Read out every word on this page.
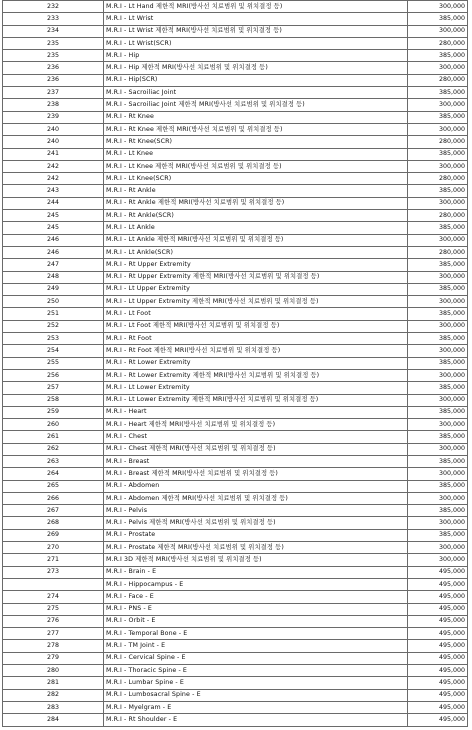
232	M.R.I - Lt Hand 제한적 MRI(방사선 치료범위 및 위치결정 등)	300,000
233	M.R.I - Lt Wrist	385,000
234	M.R.I - Lt Wrist 제한적 MRI(방사선 치료범위 및 위치결정 등)	300,000
235	M.R.I - Lt Wrist(SCR)	280,000
235	M.R.I - Hip	385,000
236	M.R.I - Hip 제한적 MRI(방사선 치료범위 및 위치결정 등)	300,000
236	M.R.I - Hip(SCR)	280,000
237	M.R.I - Sacroiliac Joint	385,000
238	M.R.I - Sacroiliac Joint 제한적 MRI(방사선 치료범위 및 위치결정 등)	300,000
239	M.R.I - Rt Knee	385,000
240	M.R.I - Rt Knee 제한적 MRI(방사선 치료범위 및 위치결정 등)	300,000
240	M.R.I - Rt Knee(SCR)	280,000
241	M.R.I - Lt Knee	385,000
242	M.R.I - Lt Knee 제한적 MRI(방사선 치료범위 및 위치결정 등)	300,000
242	M.R.I - Lt Knee(SCR)	280,000
243	M.R.I - Rt Ankle	385,000
244	M.R.I - Rt Ankle 제한적 MRI(방사선 치료범위 및 위치결정 등)	300,000
245	M.R.I - Rt Ankle(SCR)	280,000
245	M.R.I - Lt Ankle	385,000
246	M.R.I - Lt Ankle 제한적 MRI(방사선 치료범위 및 위치결정 등)	300,000
246	M.R.I - Lt Ankle(SCR)	280,000
247	M.R.I - Rt Upper Extremity	385,000
248	M.R.I - Rt Upper Extremity 제한적 MRI(방사선 치료범위 및 위치결정 등)	300,000
249	M.R.I - Lt Upper Extremity	385,000
250	M.R.I - Lt Upper Extremity 제한적 MRI(방사선 치료범위 및 위치결정 등)	300,000
251	M.R.I - Lt Foot	385,000
252	M.R.I - Lt Foot 제한적 MRI(방사선 치료범위 및 위치결정 등)	300,000
253	M.R.I - Rt Foot	385,000
254	M.R.I - Rt Foot 제한적 MRI(방사선 치료범위 및 위치결정 등)	300,000
255	M.R.I - Rt Lower Extremity	385,000
256	M.R.I - Rt Lower Extremity 제한적 MRI(방사선 치료범위 및 위치결정 등)	300,000
257	M.R.I - Lt Lower Extremity	385,000
258	M.R.I - Lt Lower Extremity 제한적 MRI(방사선 치료범위 및 위치결정 등)	300,000
259	M.R.I - Heart	385,000
260	M.R.I - Heart 제한적 MRI(방사선 치료범위 및 위치결정 등)	300,000
261	M.R.I - Chest	385,000
262	M.R.I - Chest 제한적 MRI(방사선 치료범위 및 위치결정 등)	300,000
263	M.R.I - Breast	385,000
264	M.R.I - Breast 제한적 MRI(방사선 치료범위 및 위치결정 등)	300,000
265	M.R.I - Abdomen	385,000
266	M.R.I - Abdomen 제한적 MRI(방사선 치료범위 및 위치결정 등)	300,000
267	M.R.I - Pelvis	385,000
268	M.R.I - Pelvis 제한적 MRI(방사선 치료범위 및 위치결정 등)	300,000
269	M.R.I - Prostate	385,000
270	M.R.I - Prostate 제한적 MRI(방사선 치료범위 및 위치결정 등)	300,000
271	M.R.I 3D 제한적 MRI(방사선 치료범위 및 위치결정 등)	300,000
273	M.R.I - Brain - E	495,000
	M.R.I - Hippocampus - E	495,000
274	M.R.I - Face - E	495,000
275	M.R.I - PNS - E	495,000
276	M.R.I - Orbit - E	495,000
277	M.R.I - Temporal Bone - E	495,000
278	M.R.I - TM Joint - E	495,000
279	M.R.I - Cervical Spine - E	495,000
280	M.R.I - Thoracic Spine - E	495,000
281	M.R.I - Lumbar Spine - E	495,000
282	M.R.I - Lumbosacral Spine - E	495,000
283	M.R.I - Myelgram - E	495,000
284	M.R.I - Rt Shoulder - E	495,000
